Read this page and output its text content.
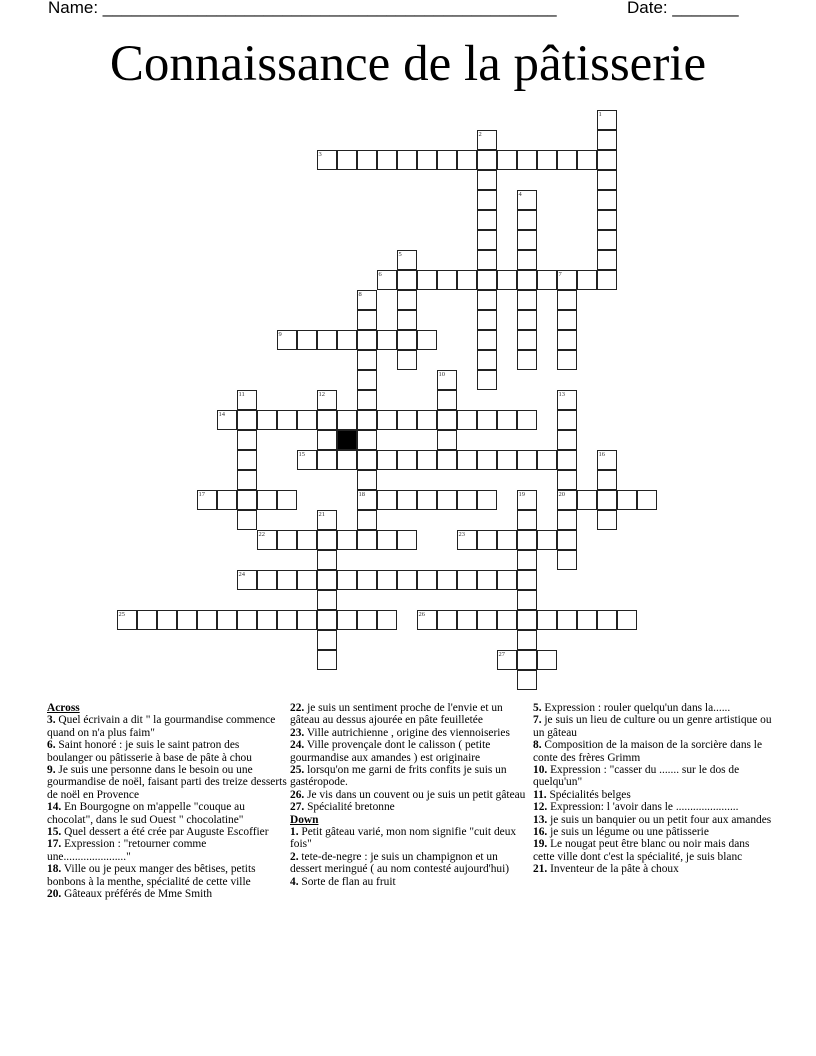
Name: ________________________________________________	Date: _______
Connaissance de la pâtisserie
1
2
3
4
5
6	7
8
18
9
10
11	12	13
20
14
15	16
17	19
21
22	23
24
25	26
27

Across

3. Quel écrivain a dit " la gourmandise commence quand on n'a plus faim"

6. Saint honoré : je suis le saint patron des boulanger ou pâtisserie à base de pâte à chou

9. Je suis une personne dans le besoin ou une gourmandise de noël, faisant parti des treize desserts de noël en Provence

14. En Bourgogne on m'appelle "couque au chocolat", dans le sud Ouest " chocolatine"

15. Quel dessert a été crée par Auguste Escoffier

17. Expression : "retourner comme une......................"

18. Ville ou je peux manger des bêtises, petits bonbons à la menthe, spécialité de cette ville

20. Gâteaux préférés de Mme Smith

22. je suis un sentiment proche de l'envie et un gâteau au dessus ajourée en pâte feuilletée

23. Ville autrichienne , origine des viennoiseries

24. Ville provençale dont le calisson ( petite gourmandise aux amandes ) est originaire

25. lorsqu'on me garni de frits confits je suis un gastéropode.

26. Je vis dans un couvent ou je suis un petit gâteau

27. Spécialité bretonne

Down

1. Petit gâteau varié, mon nom signifie "cuit deux fois"

2. tete-de-negre : je suis un champignon et un dessert meringué ( au nom contesté aujourd'hui)

4. Sorte de flan au fruit

5. Expression : rouler quelqu'un dans la......

7. je suis un lieu de culture ou un genre artistique ou un gâteau

8. Composition de la maison de la sorcière dans le conte des frères Grimm

10. Expression : "casser du ....... sur le dos de quelqu'un"

11. Spécialités belges

12. Expression: l 'avoir dans le ......................

13. je suis un banquier ou un petit four aux amandes

16. je suis un légume ou une pâtisserie

19. Le nougat peut être blanc ou noir mais dans cette ville dont c'est la spécialité, je suis blanc

21. Inventeur de la pâte à choux
